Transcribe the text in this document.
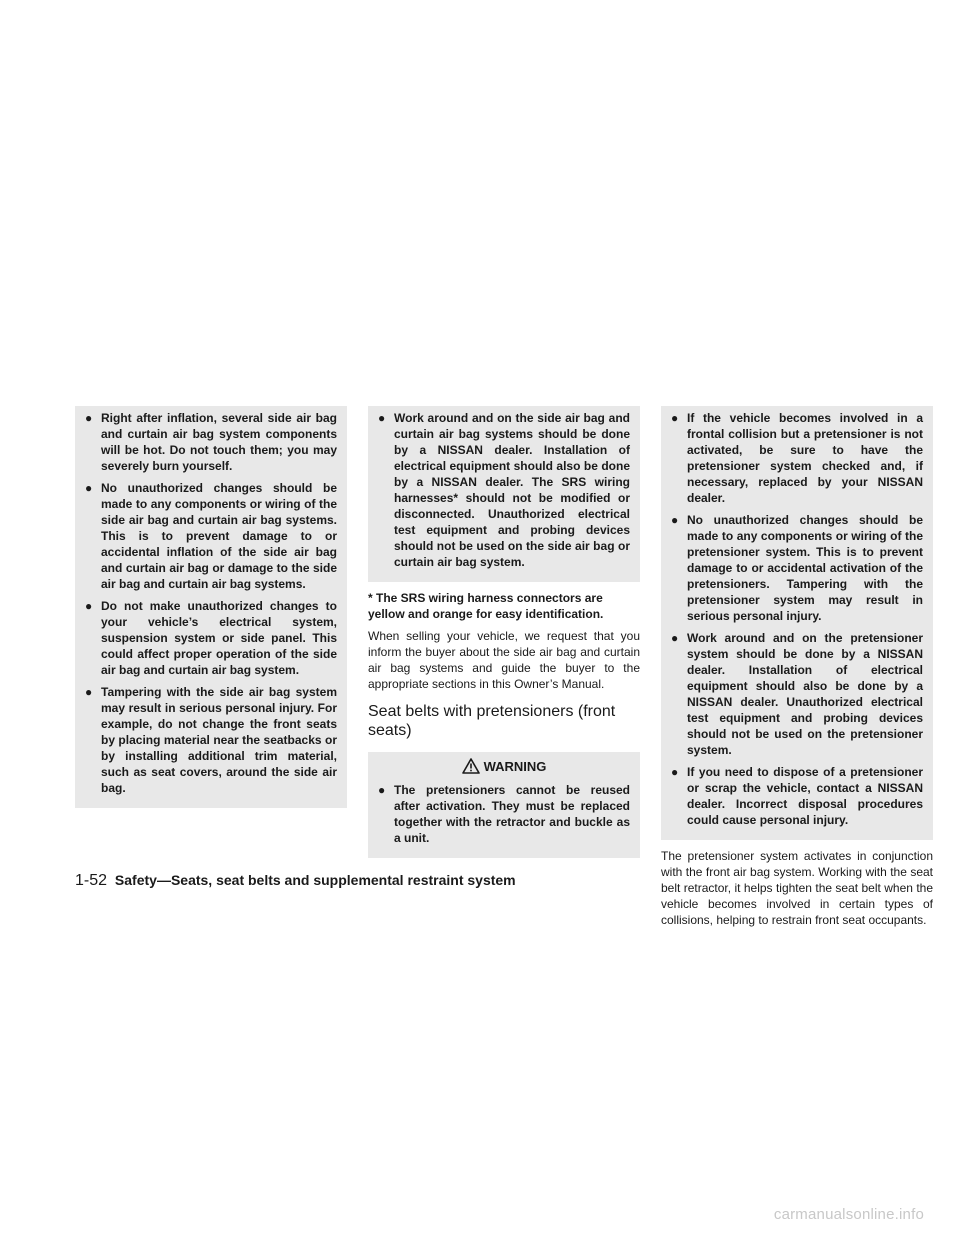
● Right after inflation, several side air bag and curtain air bag system components will be hot. Do not touch them; you may severely burn yourself.
● No unauthorized changes should be made to any components or wiring of the side air bag and curtain air bag systems. This is to prevent damage to or accidental inflation of the side air bag and curtain air bag or damage to the side air bag and curtain air bag systems.
● Do not make unauthorized changes to your vehicle’s electrical system, suspension system or side panel. This could affect proper operation of the side air bag and curtain air bag system.
● Tampering with the side air bag system may result in serious personal injury. For example, do not change the front seats by placing material near the seatbacks or by installing additional trim material, such as seat covers, around the side air bag.
● Work around and on the side air bag and curtain air bag systems should be done by a NISSAN dealer. Installation of electrical equipment should also be done by a NISSAN dealer. The SRS wiring harnesses* should not be modified or disconnected. Unauthorized electrical test equipment and probing devices should not be used on the side air bag or curtain air bag system.

* The SRS wiring harness connectors are yellow and orange for easy identification.

When selling your vehicle, we request that you inform the buyer about the side air bag and curtain air bag systems and guide the buyer to the appropriate sections in this Owner’s Manual.

Seat belts with pretensioners (front seats)
WARNING
● The pretensioners cannot be reused after activation. They must be replaced together with the retractor and buckle as a unit.
● If the vehicle becomes involved in a frontal collision but a pretensioner is not activated, be sure to have the pretensioner system checked and, if necessary, replaced by your NISSAN dealer.
● No unauthorized changes should be made to any components or wiring of the pretensioner system. This is to prevent damage to or accidental activation of the pretensioners. Tampering with the pretensioner system may result in serious personal injury.
● Work around and on the pretensioner system should be done by a NISSAN dealer. Installation of electrical equipment should also be done by a NISSAN dealer. Unauthorized electrical test equipment and probing devices should not be used on the pretensioner system.
● If you need to dispose of a pretensioner or scrap the vehicle, contact a NISSAN dealer. Incorrect disposal procedures could cause personal injury.

The pretensioner system activates in conjunction with the front air bag system. Working with the seat belt retractor, it helps tighten the seat belt when the vehicle becomes involved in certain types of collisions, helping to restrain front seat occupants.

1-52 Safety—Seats, seat belts and supplemental restraint system
carmanualsonline.info
